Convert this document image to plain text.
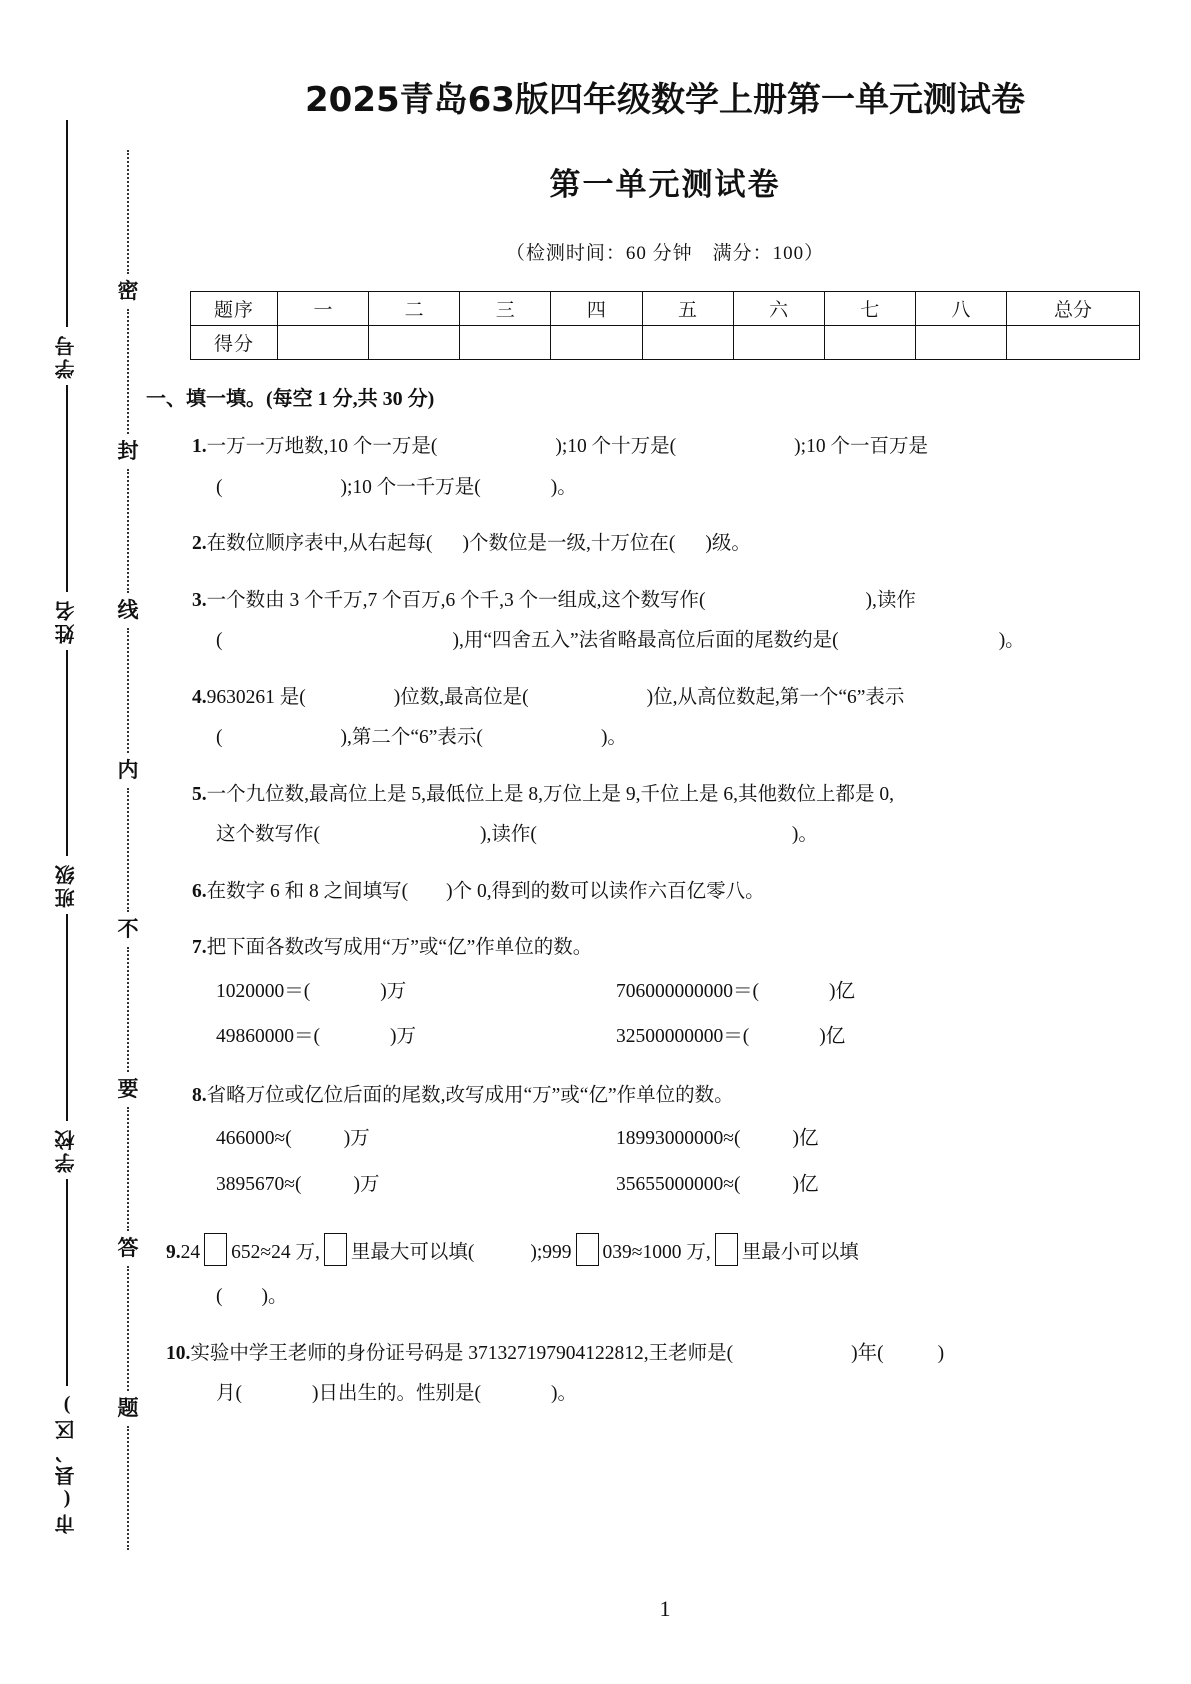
学号
姓名
班级
学校
市(县、区)
密
封
线
内
不
要
答
题
2025青岛63版四年级数学上册第一单元测试卷
第一单元测试卷
（检测时间：60 分钟　满分：100）
题序	一	二	三	四	五	六	七	八	总分
得分									
一、填一填。(每空 1 分,共 30 分)
1.一万一万地数,10 个一万是(	);10 个十万是(	);10 个一百万是
(	);10 个一千万是(	)。
2.在数位顺序表中,从右起每( )个数位是一级,十万位在( )级。
3.一个数由 3 个千万,7 个百万,6 个千,3 个一组成,这个数写作(	),读作
(	),用“四舍五入”法省略最高位后面的尾数约是(	)。
4.9630261 是(	)位数,最高位是(	)位,从高位数起,第一个“6”表示
(	),第二个“6”表示(	)。
5.一个九位数,最高位上是 5,最低位上是 8,万位上是 9,千位上是 6,其他数位上都是 0,
这个数写作(	),读作(	)。
6.在数字 6 和 8 之间填写( )个 0,得到的数可以读作六百亿零八。
7.把下面各数改写成用“万”或“亿”作单位的数。
1020000＝(	)万	706000000000＝(	)亿
49860000＝(	)万	32500000000＝(	)亿
8.省略万位或亿位后面的尾数,改写成用“万”或“亿”作单位的数。
466000≈(	)万	18993000000≈(	)亿
3895670≈(	)万	35655000000≈(	)亿
9.24 652≈24 万, 里最大可以填(	);999 039≈1000 万, 里最小可以填
(　　)。
10.实验中学王老师的身份证号码是 371327197904122812,王老师是(	)年(	)
月(	)日出生的。性别是(	)。
1
